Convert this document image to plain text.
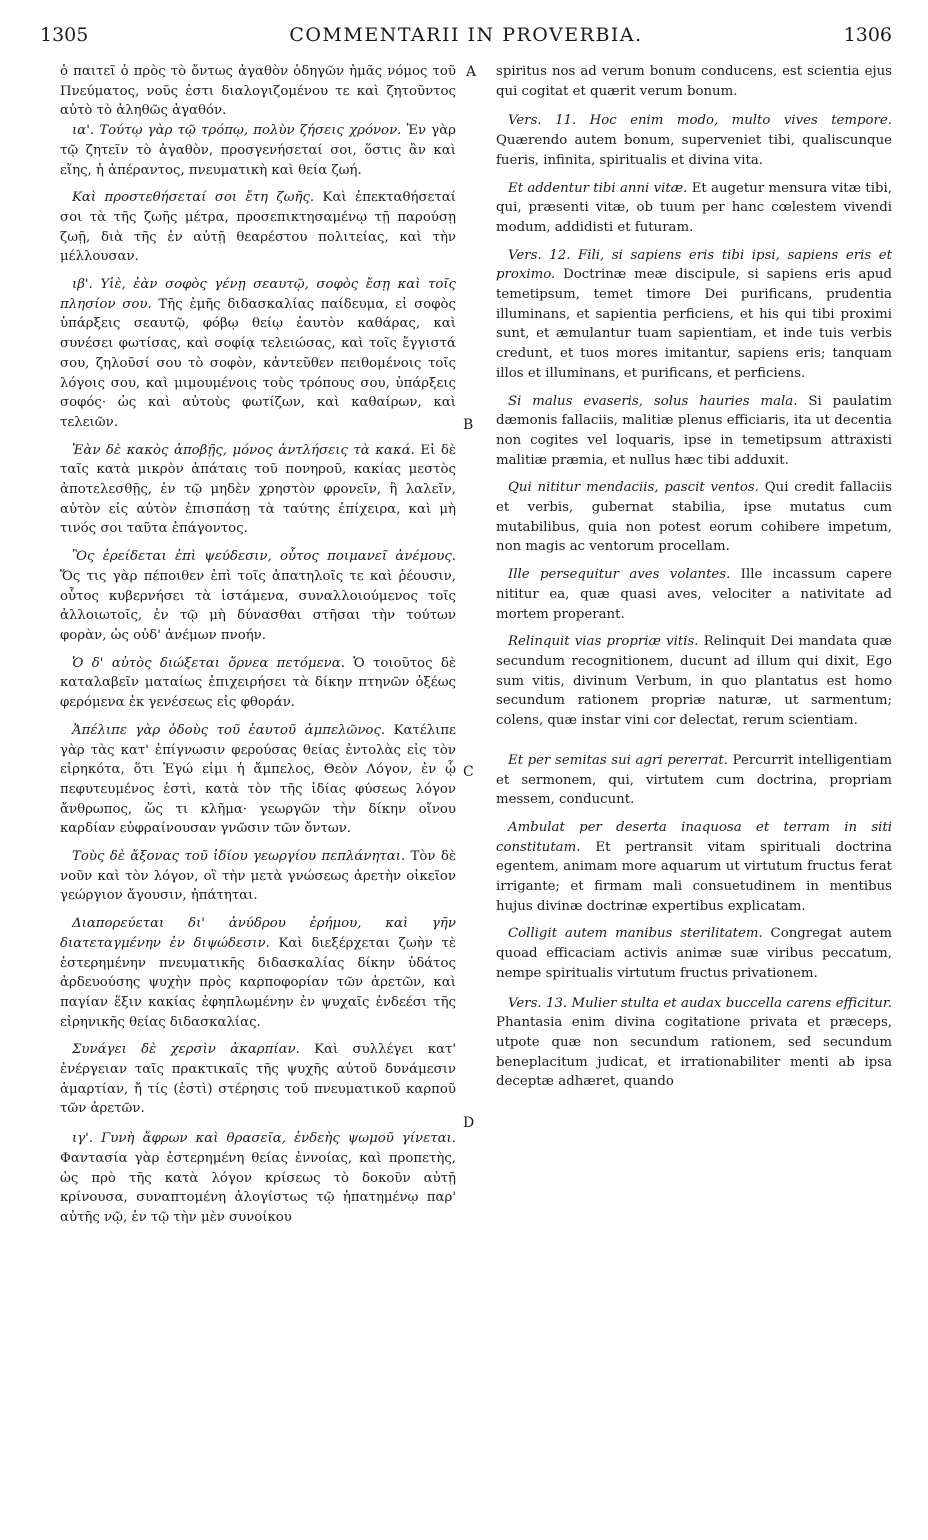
1305	COMMENTARII IN PROVERBIA.	1306
A
B
C
D

ὁ παιτεῖ ὁ πρὸς τὸ ὄντως ἀγαθὸν ὁδηγῶν ἡμᾶς νόμος τοῦ Πνεύματος, νοῦς ἐστι διαλογιζομένου τε καὶ ζητοῦντος αὐτὸ τὸ ἀληθῶς ἀγαθόν.

ια'. Τούτῳ γὰρ τῷ τρόπῳ, πολὺν ζήσεις χρόνον. Ἐν γὰρ τῷ ζητεῖν τὸ ἀγαθὸν, προσγενήσεταί σοι, ὅστις ἂν καὶ εἴης, ἡ ἀπέραντος, πνευματικὴ καὶ θεία ζωή.

Καὶ προστεθήσεταί σοι ἔτη ζωῆς. Καὶ ἐπεκταθήσεταί σοι τὰ τῆς ζωῆς μέτρα, προσεπικτησαμένῳ τῇ παρούσῃ ζωῇ, διὰ τῆς ἐν αὐτῇ θεαρέστου πολιτείας, καὶ τὴν μέλλουσαν.

ιβ'. Υἱὲ, ἐὰν σοφὸς γένῃ σεαυτῷ, σοφὸς ἔσῃ καὶ τοῖς πλησίον σου. Τῆς ἐμῆς διδασκαλίας παίδευμα, εἰ σοφὸς ὑπάρξεις σεαυτῷ, φόβῳ θείῳ ἑαυτὸν καθάρας, καὶ συνέσει φωτίσας, καὶ σοφίᾳ τελειώσας, καὶ τοῖς ἔγγιστά σου, ζηλοῦσί σου τὸ σοφὸν, κἀντεῦθεν πειθομένοις τοῖς λόγοις σου, καὶ μιμουμένοις τοὺς τρόπους σου, ὑπάρξεις σοφός· ὡς καὶ αὐτοὺς φωτίζων, καὶ καθαίρων, καὶ τελειῶν.

Ἐὰν δὲ κακὸς ἀποβῇς, μόνος ἀντλήσεις τὰ κακά. Εἰ δὲ ταῖς κατὰ μικρὸν ἀπάταις τοῦ πονηροῦ, κακίας μεστὸς ἀποτελεσθῇς, ἐν τῷ μηδὲν χρηστὸν φρονεῖν, ἢ λαλεῖν, αὐτὸν εἰς αὐτὸν ἐπισπάσῃ τὰ ταύτης ἐπίχειρα, καὶ μὴ τινός σοι ταῦτα ἐπάγοντος.

Ὃς ἐρείδεται ἐπὶ ψεύδεσιν, οὗτος ποιμανεῖ ἀνέμους. Ὅς τις γὰρ πέποιθεν ἐπὶ τοῖς ἀπατηλοῖς τε καὶ ῥέουσιν, οὗτος κυβερνήσει τὰ ἱστάμενα, συναλλοιούμενος τοῖς ἀλλοιωτοῖς, ἐν τῷ μὴ δύνασθαι στῆσαι τὴν τούτων φορὰν, ὡς οὐδ' ἀνέμων πνοήν.

Ὁ δ' αὐτὸς διώξεται ὄρνεα πετόμενα. Ὁ τοιοῦτος δὲ καταλαβεῖν ματαίως ἐπιχειρήσει τὰ δίκην πτηνῶν ὀξέως φερόμενα ἐκ γενέσεως εἰς φθοράν.

Ἀπέλιπε γὰρ ὁδοὺς τοῦ ἑαυτοῦ ἀμπελῶνος. Κατέλιπε γὰρ τὰς κατ' ἐπίγνωσιν φερούσας θείας ἐντολὰς εἰς τὸν εἰρηκότα, ὅτι Ἐγώ εἰμι ἡ ἄμπελος, Θεὸν Λόγον, ἐν ᾧ πεφυτευμένος ἐστὶ, κατὰ τὸν τῆς ἰδίας φύσεως λόγον ἄνθρωπος, ὥς τι κλῆμα· γεωργῶν τὴν δίκην οἴνου καρδίαν εὐφραίνουσαν γνῶσιν τῶν ὄντων.

Τοὺς δὲ ἄξονας τοῦ ἰδίου γεωργίου πεπλάνηται. Τὸν δὲ νοῦν καὶ τὸν λόγον, οἳ τὴν μετὰ γνώσεως ἀρετὴν οἰκεῖον γεώργιον ἄγουσιν, ἠπάτηται.

Διαπορεύεται δι' ἀνύδρου ἐρήμου, καὶ γῆν διατεταγμένην ἐν διψώδεσιν. Καὶ διεξέρχεται ζωὴν τὲ ἐστερημένην πνευματικῆς διδασκαλίας δίκην ὑδάτος ἀρδευούσης ψυχὴν πρὸς καρποφορίαν τῶν ἀρετῶν, καὶ παγίαν ἕξιν κακίας ἐφηπλωμένην ἐν ψυχαῖς ἐνδεέσι τῆς εἰρηνικῆς θείας διδασκαλίας.

Συνάγει δὲ χερσὶν ἀκαρπίαν. Καὶ συλλέγει κατ' ἐνέργειαν ταῖς πρακτικαῖς τῆς ψυχῆς αὐτοῦ δυνάμεσιν ἁμαρτίαν, ἤ τίς (ἐστὶ) στέρησις τοῦ πνευματικοῦ καρποῦ τῶν ἀρετῶν.

ιγ'. Γυνὴ ἄφρων καὶ θρασεῖα, ἐνδεὴς ψωμοῦ γίνεται. Φαντασία γὰρ ἐστερημένη θείας ἐννοίας, καὶ προπετὴς, ὡς πρὸ τῆς κατὰ λόγον κρίσεως τὸ δοκοῦν αὐτῇ κρίνουσα, συναπτομένη ἀλογίστως τῷ ἡπατημένῳ παρ' αὐτῆς νῷ, ἐν τῷ τὴν μὲν συνοίκου

spiritus nos ad verum bonum conducens, est scientia ejus qui cogitat et quærit verum bonum.

Vers. 11. Hoc enim modo, multo vives tempore. Quærendo autem bonum, superveniet tibi, qualiscunque fueris, infinita, spiritualis et divina vita.

Et addentur tibi anni vitæ. Et augetur mensura vitæ tibi, qui, præsenti vitæ, ob tuum per hanc cœlestem vivendi modum, addidisti et futuram.

Vers. 12. Fili, si sapiens eris tibi ipsi, sapiens eris et proximo. Doctrinæ meæ discipule, si sapiens eris apud temetipsum, temet timore Dei purificans, prudentia illuminans, et sapientia perficiens, et his qui tibi proximi sunt, et æmulantur tuam sapientiam, et inde tuis verbis credunt, et tuos mores imitantur, sapiens eris; tanquam illos et illuminans, et purificans, et perficiens.

Si malus evaseris, solus hauries mala. Si paulatim dæmonis fallaciis, malitiæ plenus efficiaris, ita ut decentia non cogites vel loquaris, ipse in temetipsum attraxisti malitiæ præmia, et nullus hæc tibi adduxit.

Qui nititur mendaciis, pascit ventos. Qui credit fallaciis et verbis, gubernat stabilia, ipse mutatus cum mutabilibus, quia non potest eorum cohibere impetum, non magis ac ventorum procellam.

Ille persequitur aves volantes. Ille incassum capere nititur ea, quæ quasi aves, velociter a nativitate ad mortem properant.

Relinquit vias propriæ vitis. Relinquit Dei mandata quæ secundum recognitionem, ducunt ad illum qui dixit, Ego sum vitis, divinum Verbum, in quo plantatus est homo secundum rationem propriæ naturæ, ut sarmentum; colens, quæ instar vini cor delectat, rerum scientiam.

Et per semitas sui agri pererrat. Percurrit intelligentiam et sermonem, qui, virtutem cum doctrina, propriam messem, conducunt.

Ambulat per deserta inaquosa et terram in siti constitutam. Et pertransit vitam spirituali doctrina egentem, animam more aquarum ut virtutum fructus ferat irrigante; et firmam mali consuetudinem in mentibus hujus divinæ doctrinæ expertibus explicatam.

Colligit autem manibus sterilitatem. Congregat autem quoad efficaciam activis animæ suæ viribus peccatum, nempe spiritualis virtutum fructus privationem.

Vers. 13. Mulier stulta et audax buccella carens efficitur. Phantasia enim divina cogitatione privata et præceps, utpote quæ non secundum rationem, sed secundum beneplacitum judicat, et irrationabiliter menti ab ipsa deceptæ adhæret, quando
